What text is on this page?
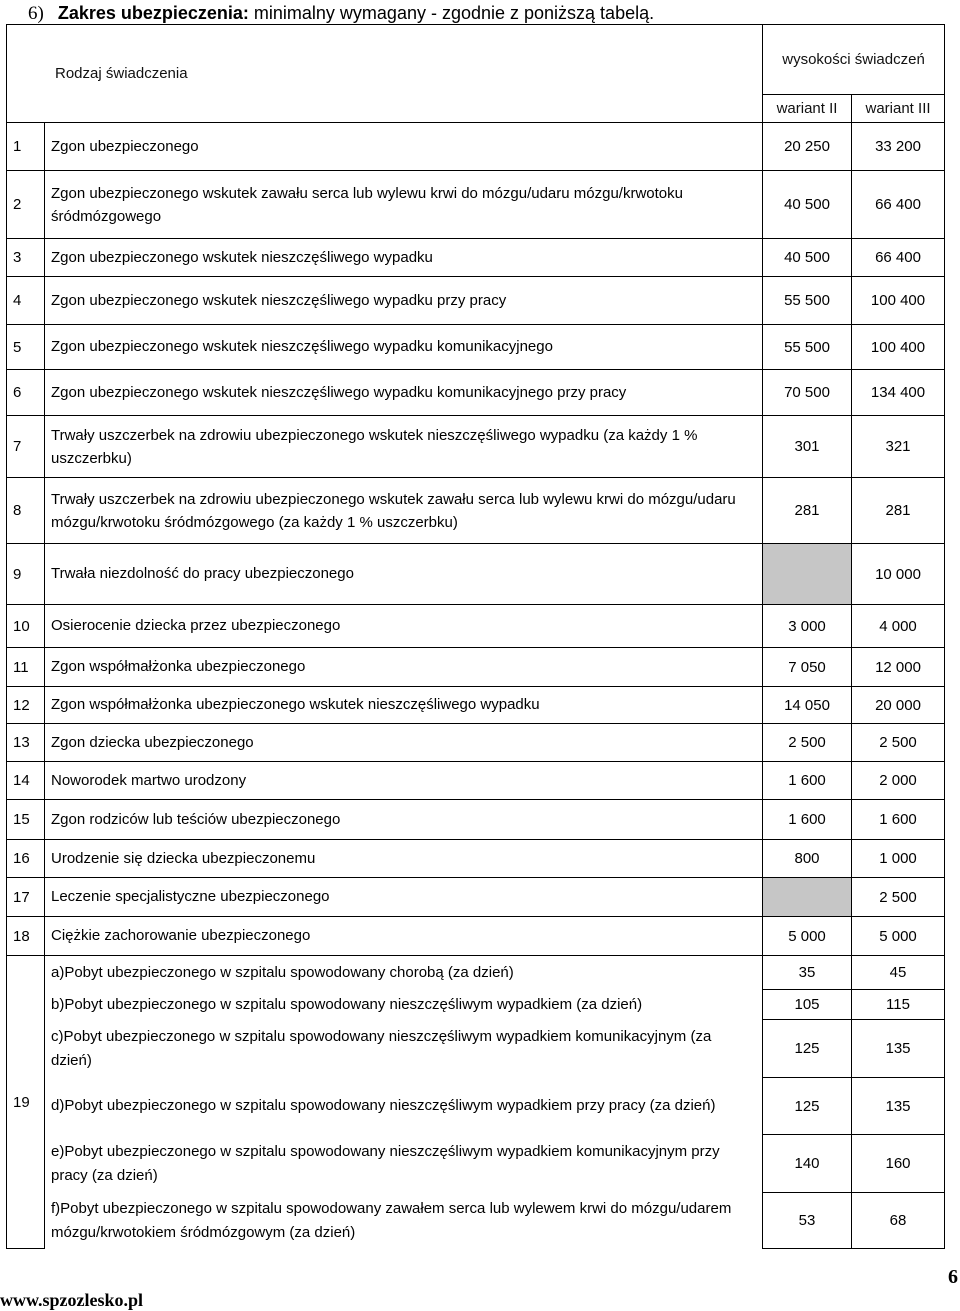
6) Zakres ubezpieczenia: minimalny wymagany - zgodnie z poniższą tabelą.
Rodzaj świadczenia		wysokości świadczeń	
		wariant II	wariant III
1	Zgon ubezpieczonego	20 250	33 200
2	Zgon ubezpieczonego wskutek zawału serca lub wylewu krwi do mózgu/udaru mózgu/krwotoku śródmózgowego	40 500	66 400
3	Zgon ubezpieczonego wskutek nieszczęśliwego wypadku	40 500	66 400
4	Zgon ubezpieczonego wskutek nieszczęśliwego wypadku przy pracy	55 500	100 400
5	Zgon ubezpieczonego wskutek nieszczęśliwego wypadku komunikacyjnego	55 500	100 400
6	Zgon ubezpieczonego wskutek nieszczęśliwego wypadku komunikacyjnego przy pracy	70 500	134 400
7	Trwały uszczerbek na zdrowiu ubezpieczonego wskutek nieszczęśliwego wypadku (za każdy 1 % uszczerbku)	301	321
8	Trwały uszczerbek na zdrowiu ubezpieczonego wskutek zawału serca lub wylewu krwi do mózgu/udaru mózgu/krwotoku śródmózgowego (za każdy 1 % uszczerbku)	281	281
9	Trwała niezdolność do pracy ubezpieczonego		10 000
10	Osierocenie dziecka przez ubezpieczonego	3 000	4 000
11	Zgon współmałżonka ubezpieczonego	7 050	12 000
12	Zgon współmałżonka ubezpieczonego wskutek nieszczęśliwego wypadku	14 050	20 000
13	Zgon dziecka ubezpieczonego	2 500	2 500
14	Noworodek martwo urodzony	1 600	2 000
15	Zgon rodziców lub teściów ubezpieczonego	1 600	1 600
16	Urodzenie się dziecka ubezpieczonemu	800	1 000
17	Leczenie specjalistyczne ubezpieczonego		2 500
18	Ciężkie zachorowanie ubezpieczonego	5 000	5 000
19	a)Pobyt ubezpieczonego w szpitalu spowodowany chorobą (za dzień)	35	45
	b)Pobyt ubezpieczonego w szpitalu spowodowany nieszczęśliwym wypadkiem (za dzień)	105	115
	c)Pobyt ubezpieczonego w szpitalu spowodowany nieszczęśliwym wypadkiem komunikacyjnym (za dzień)	125	135
	d)Pobyt ubezpieczonego w szpitalu spowodowany nieszczęśliwym wypadkiem przy pracy (za dzień)	125	135
	e)Pobyt ubezpieczonego w szpitalu spowodowany nieszczęśliwym wypadkiem komunikacyjnym przy pracy (za dzień)	140	160
	f)Pobyt ubezpieczonego w szpitalu spowodowany zawałem serca lub wylewem krwi do mózgu/udarem mózgu/krwotokiem śródmózgowym (za dzień)	53	68
www.spzozlesko.pl
6
